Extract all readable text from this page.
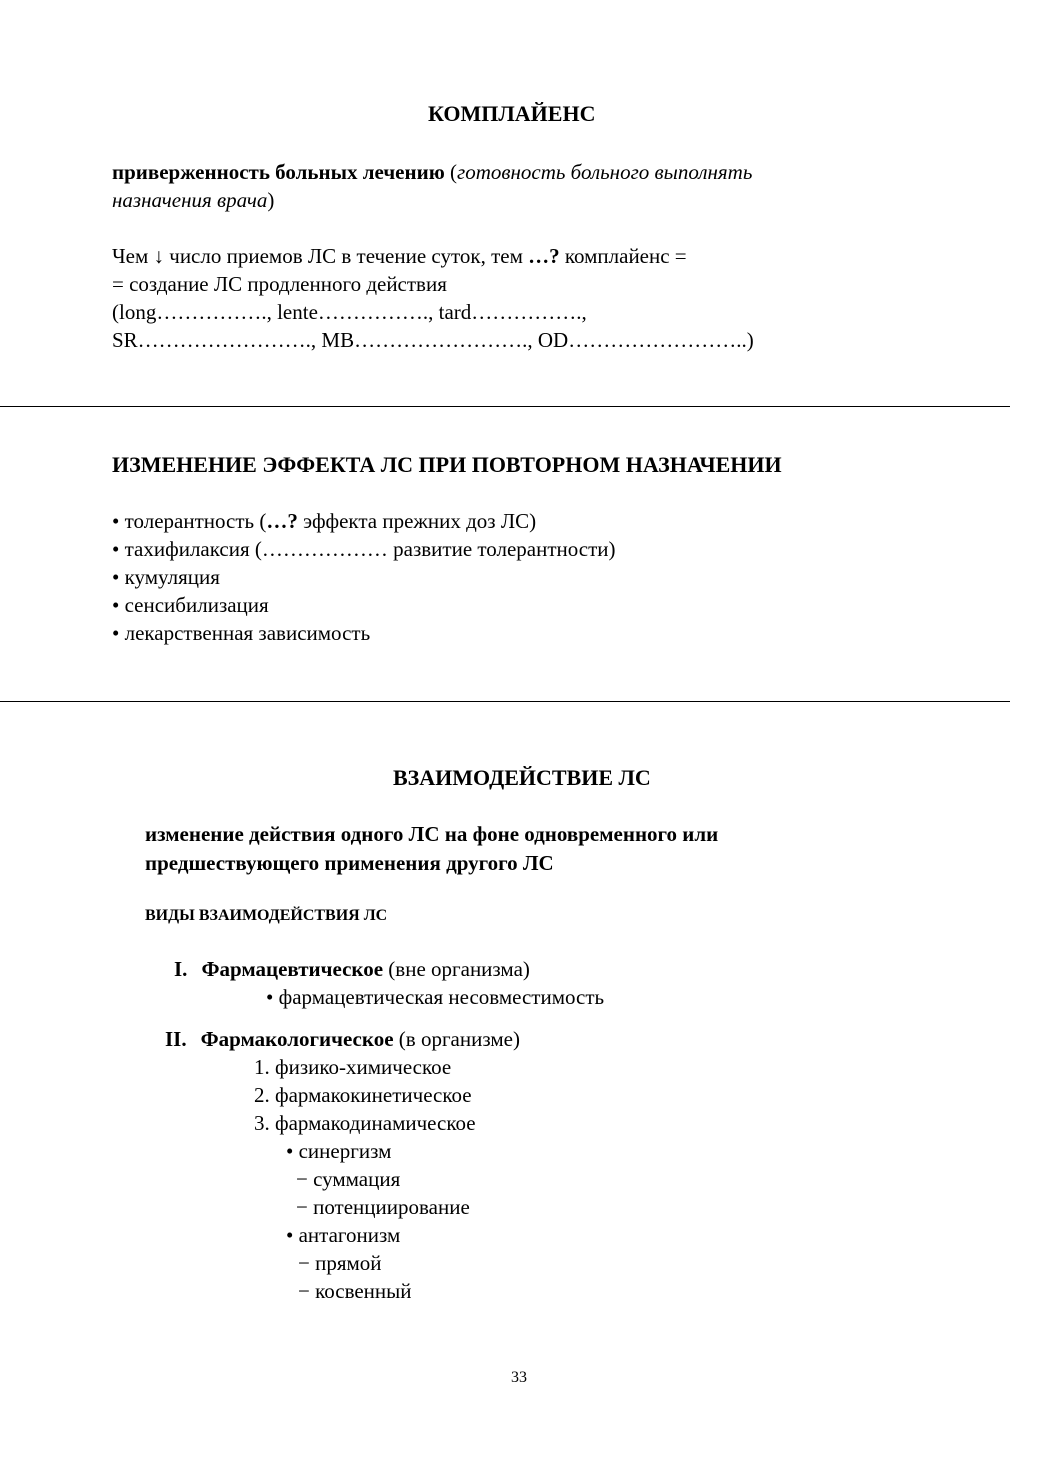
КОМПЛАЙЕНС
приверженность больных лечению (готовность больного выполнять
назначения врача)
Чем ↓ число приемов ЛС в течение суток, тем …? комплайенс =
= создание ЛС продленного действия
(long……………., lente……………., tard…………….,
SR……………………., MB……………………., OD……………………..)
ИЗМЕНЕНИЕ ЭФФЕКТА ЛС ПРИ ПОВТОРНОМ НАЗНАЧЕНИИ
• толерантность (…? эффекта прежних доз ЛС)
• тахифилаксия (……………… развитие толерантности)
• кумуляция
• сенсибилизация
• лекарственная зависимость
ВЗАИМОДЕЙСТВИЕ ЛС
изменение действия одного ЛС на фоне одновременного или
предшествующего применения другого ЛС
ВИДЫ ВЗАИМОДЕЙСТВИЯ ЛС
I. Фармацевтическое (вне организма)
• фармацевтическая несовместимость
II. Фармакологическое (в организме)
1. физико-химическое
2. фармакокинетическое
3. фармакодинамическое
• синергизм
− суммация
− потенциирование
• антагонизм
− прямой
− косвенный
33
